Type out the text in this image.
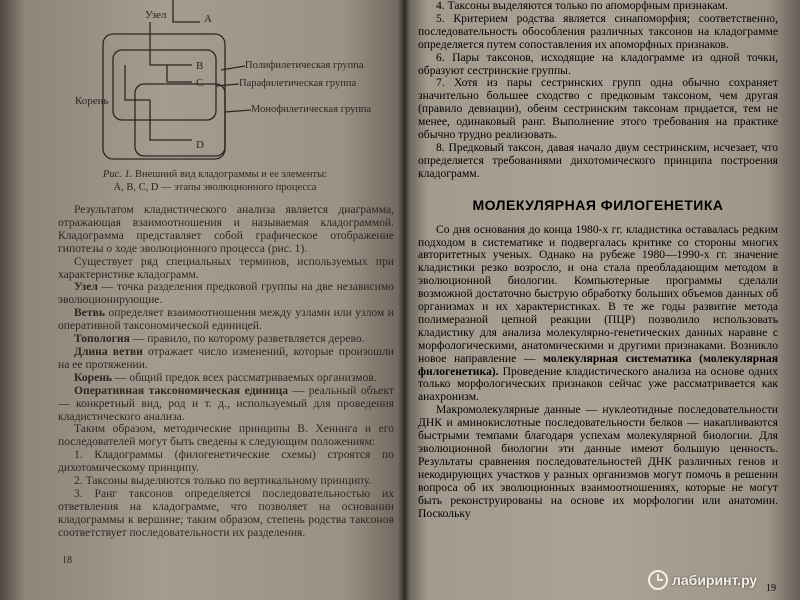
Узел	A
B
C
D
Корень
Полифилетическая группа
Парафилетическая группа
Монофилетическая группа
Рис. 1. Внешний вид кладограммы и ее элементы:
A, B, C, D — этапы эволюционного процесса

Результатом кладистического анализа является диаграмма, отражающая взаимоотношения и называемая кладограммой. Кладограмма представляет собой графическое отображение гипотезы о ходе эволюционного процесса (рис. 1).

Существует ряд специальных терминов, используемых при характеристике кладограмм.

Узел — точка разделения предковой группы на две независимо эволюционирующие.

Ветвь определяет взаимоотношения между узлами или узлом и оперативной таксономической единицей.

Топология — правило, по которому разветвляется дерево.

Длина ветви отражает число изменений, которые произошли на ее протяжении.

Корень — общий предок всех рассматриваемых организмов.

Оперативная таксономическая единица — реальный объект — конкретный вид, род и т. д., используемый для проведения кладистического анализа.

Таким образом, методические принципы В. Хеннига и его последователей могут быть сведены к следующим положениям:

1. Кладограммы (филогенетические схемы) строятся по дихотомическому принципу.

2. Таксоны выделяются только по вертикальному принципу.

3. Ранг таксонов определяется последовательностью их ответвления на кладограмме, что позволяет на основании кладограммы к вершине; таким образом, степень родства таксонов соответствует последовательности их разделения.

18

4. Таксоны выделяются только по апоморфным признакам.

5. Критерием родства является синапоморфия; соответственно, последовательность обособления различных таксонов на кладограмме определяется путем сопоставления их апоморфных признаков.

6. Пары таксонов, исходящие на кладограмме из одной точки, образуют сестринские группы.

7. Хотя из пары сестринских групп одна обычно сохраняет значительно большее сходство с предковым таксоном, чем другая (правило девиации), обеим сестринским таксонам придается, тем не менее, одинаковый ранг. Выполнение этого требования на практике обычно трудно реализовать.

8. Предковый таксон, давая начало двум сестринским, исчезает, что определяется требованиями дихотомического принципа построения кладограмм.

МОЛЕКУЛЯРНАЯ ФИЛОГЕНЕТИКА

Со дня основания до конца 1980-х гг. кладистика оставалась редким подходом в систематике и подвергалась критике со стороны многих авторитетных ученых. Однако на рубеже 1980—1990-х гг. значение кладистики резко возросло, и она стала преобладающим методом в эволюционной биологии. Компьютерные программы сделали возможной достаточно быструю обработку больших объемов данных об организмах и их характеристиках. В те же годы развитие метода полимеразной цепной реакции (ПЦР) позволило использовать кладистику для анализа молекулярно-генетических данных наравне с морфологическими, анатомическими и другими признаками. Возникло новое направление — молекулярная систематика (молекулярная филогенетика). Проведение кладистического анализа на основе одних только морфологических признаков сейчас уже рассматривается как анахронизм.

Макромолекулярные данные — нуклеотидные последовательности ДНК и аминокислотные последовательности белков — накапливаются быстрыми темпами благодаря успехам молекулярной биологии. Для эволюционной биологии эти данные имеют большую ценность. Результаты сравнения последовательностей ДНК различных генов и некодирующих участков у разных организмов могут помочь в решении вопроса об их эволюционных взаимоотношениях, которые не могут быть реконструированы на основе их морфологии или анатомии. Поскольку

19
лабиринт.ру
